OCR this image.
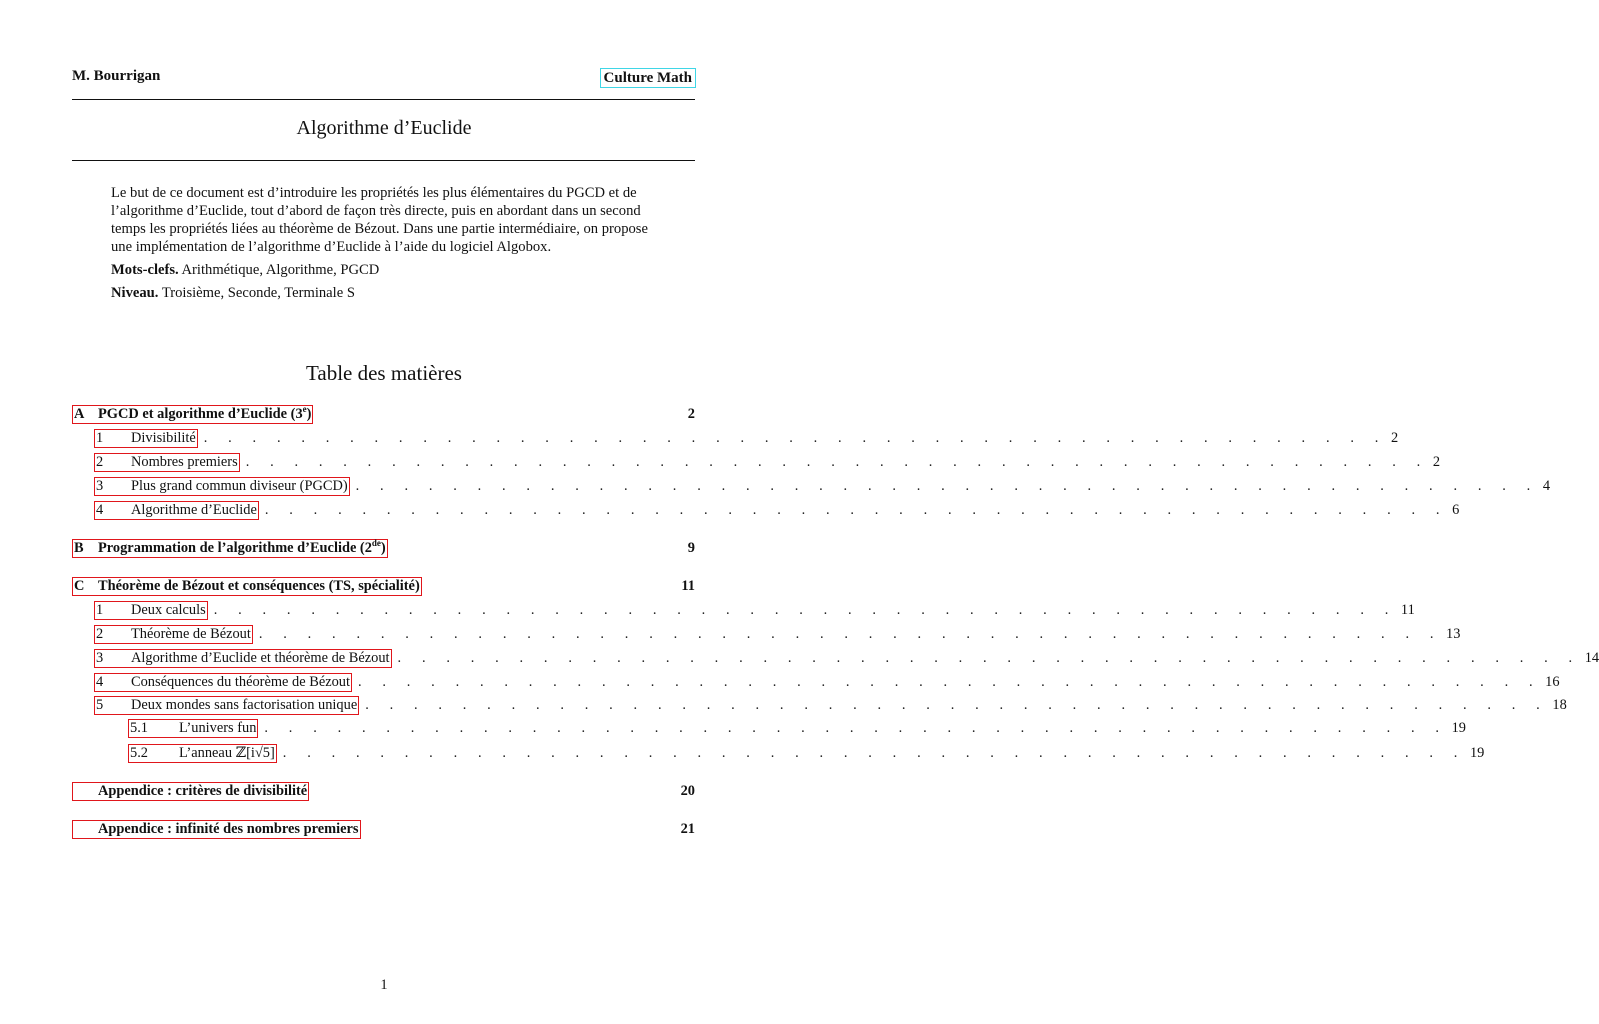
M. Bourrigan	Culture Math
Algorithme d’Euclide

Le but de ce document est d’introduire les propriétés les plus élémentaires du PGCD et de l’algorithme d’Euclide, tout d’abord de façon très directe, puis en abordant dans un second temps les propriétés liées au théorème de Bézout. Dans une partie intermédiaire, on propose une implémentation de l’algorithme d’Euclide à l’aide du logiciel Algobox.

Mots-clefs. Arithmétique, Algorithme, PGCD

Niveau. Troisième, Seconde, Terminale S

Table des matières
A PGCD et algorithme d’Euclide (3e)	2
1	Divisibilité . . . . . . . . . . . . . . . . . . . . . . . . . . . . . . . . . . . . . . . . . . . . . . . . . 2
2	Nombres premiers . . . . . . . . . . . . . . . . . . . . . . . . . . . . . . . . . . . . . . . . . . . . . . . . . 2
3	Plus grand commun diviseur (PGCD) . . . . . . . . . . . . . . . . . . . . . . . . . . . . . . . . . . . . . . . . . . . . . . . . . 4
4	Algorithme d’Euclide . . . . . . . . . . . . . . . . . . . . . . . . . . . . . . . . . . . . . . . . . . . . . . . . . 6
B Programmation de l’algorithme d’Euclide (2de)	9
C Théorème de Bézout et conséquences (TS, spécialité)	11
1	Deux calculs . . . . . . . . . . . . . . . . . . . . . . . . . . . . . . . . . . . . . . . . . . . . . . . . . 11
2	Théorème de Bézout . . . . . . . . . . . . . . . . . . . . . . . . . . . . . . . . . . . . . . . . . . . . . . . . . 13
3	Algorithme d’Euclide et théorème de Bézout . . . . . . . . . . . . . . . . . . . . . . . . . . . . . . . . . . . . . . . . . . . . . . . . . 14
4	Conséquences du théorème de Bézout . . . . . . . . . . . . . . . . . . . . . . . . . . . . . . . . . . . . . . . . . . . . . . . . . 16
5	Deux mondes sans factorisation unique . . . . . . . . . . . . . . . . . . . . . . . . . . . . . . . . . . . . . . . . . . . . . . . . . 18
5.1	L’univers fun . . . . . . . . . . . . . . . . . . . . . . . . . . . . . . . . . . . . . . . . . . . . . . . . . 19
5.2	L’anneau ℤ[i√5] . . . . . . . . . . . . . . . . . . . . . . . . . . . . . . . . . . . . . . . . . . . . . . . . . 19
Appendice : critères de divisibilité	20
Appendice : infinité des nombres premiers	21
1
